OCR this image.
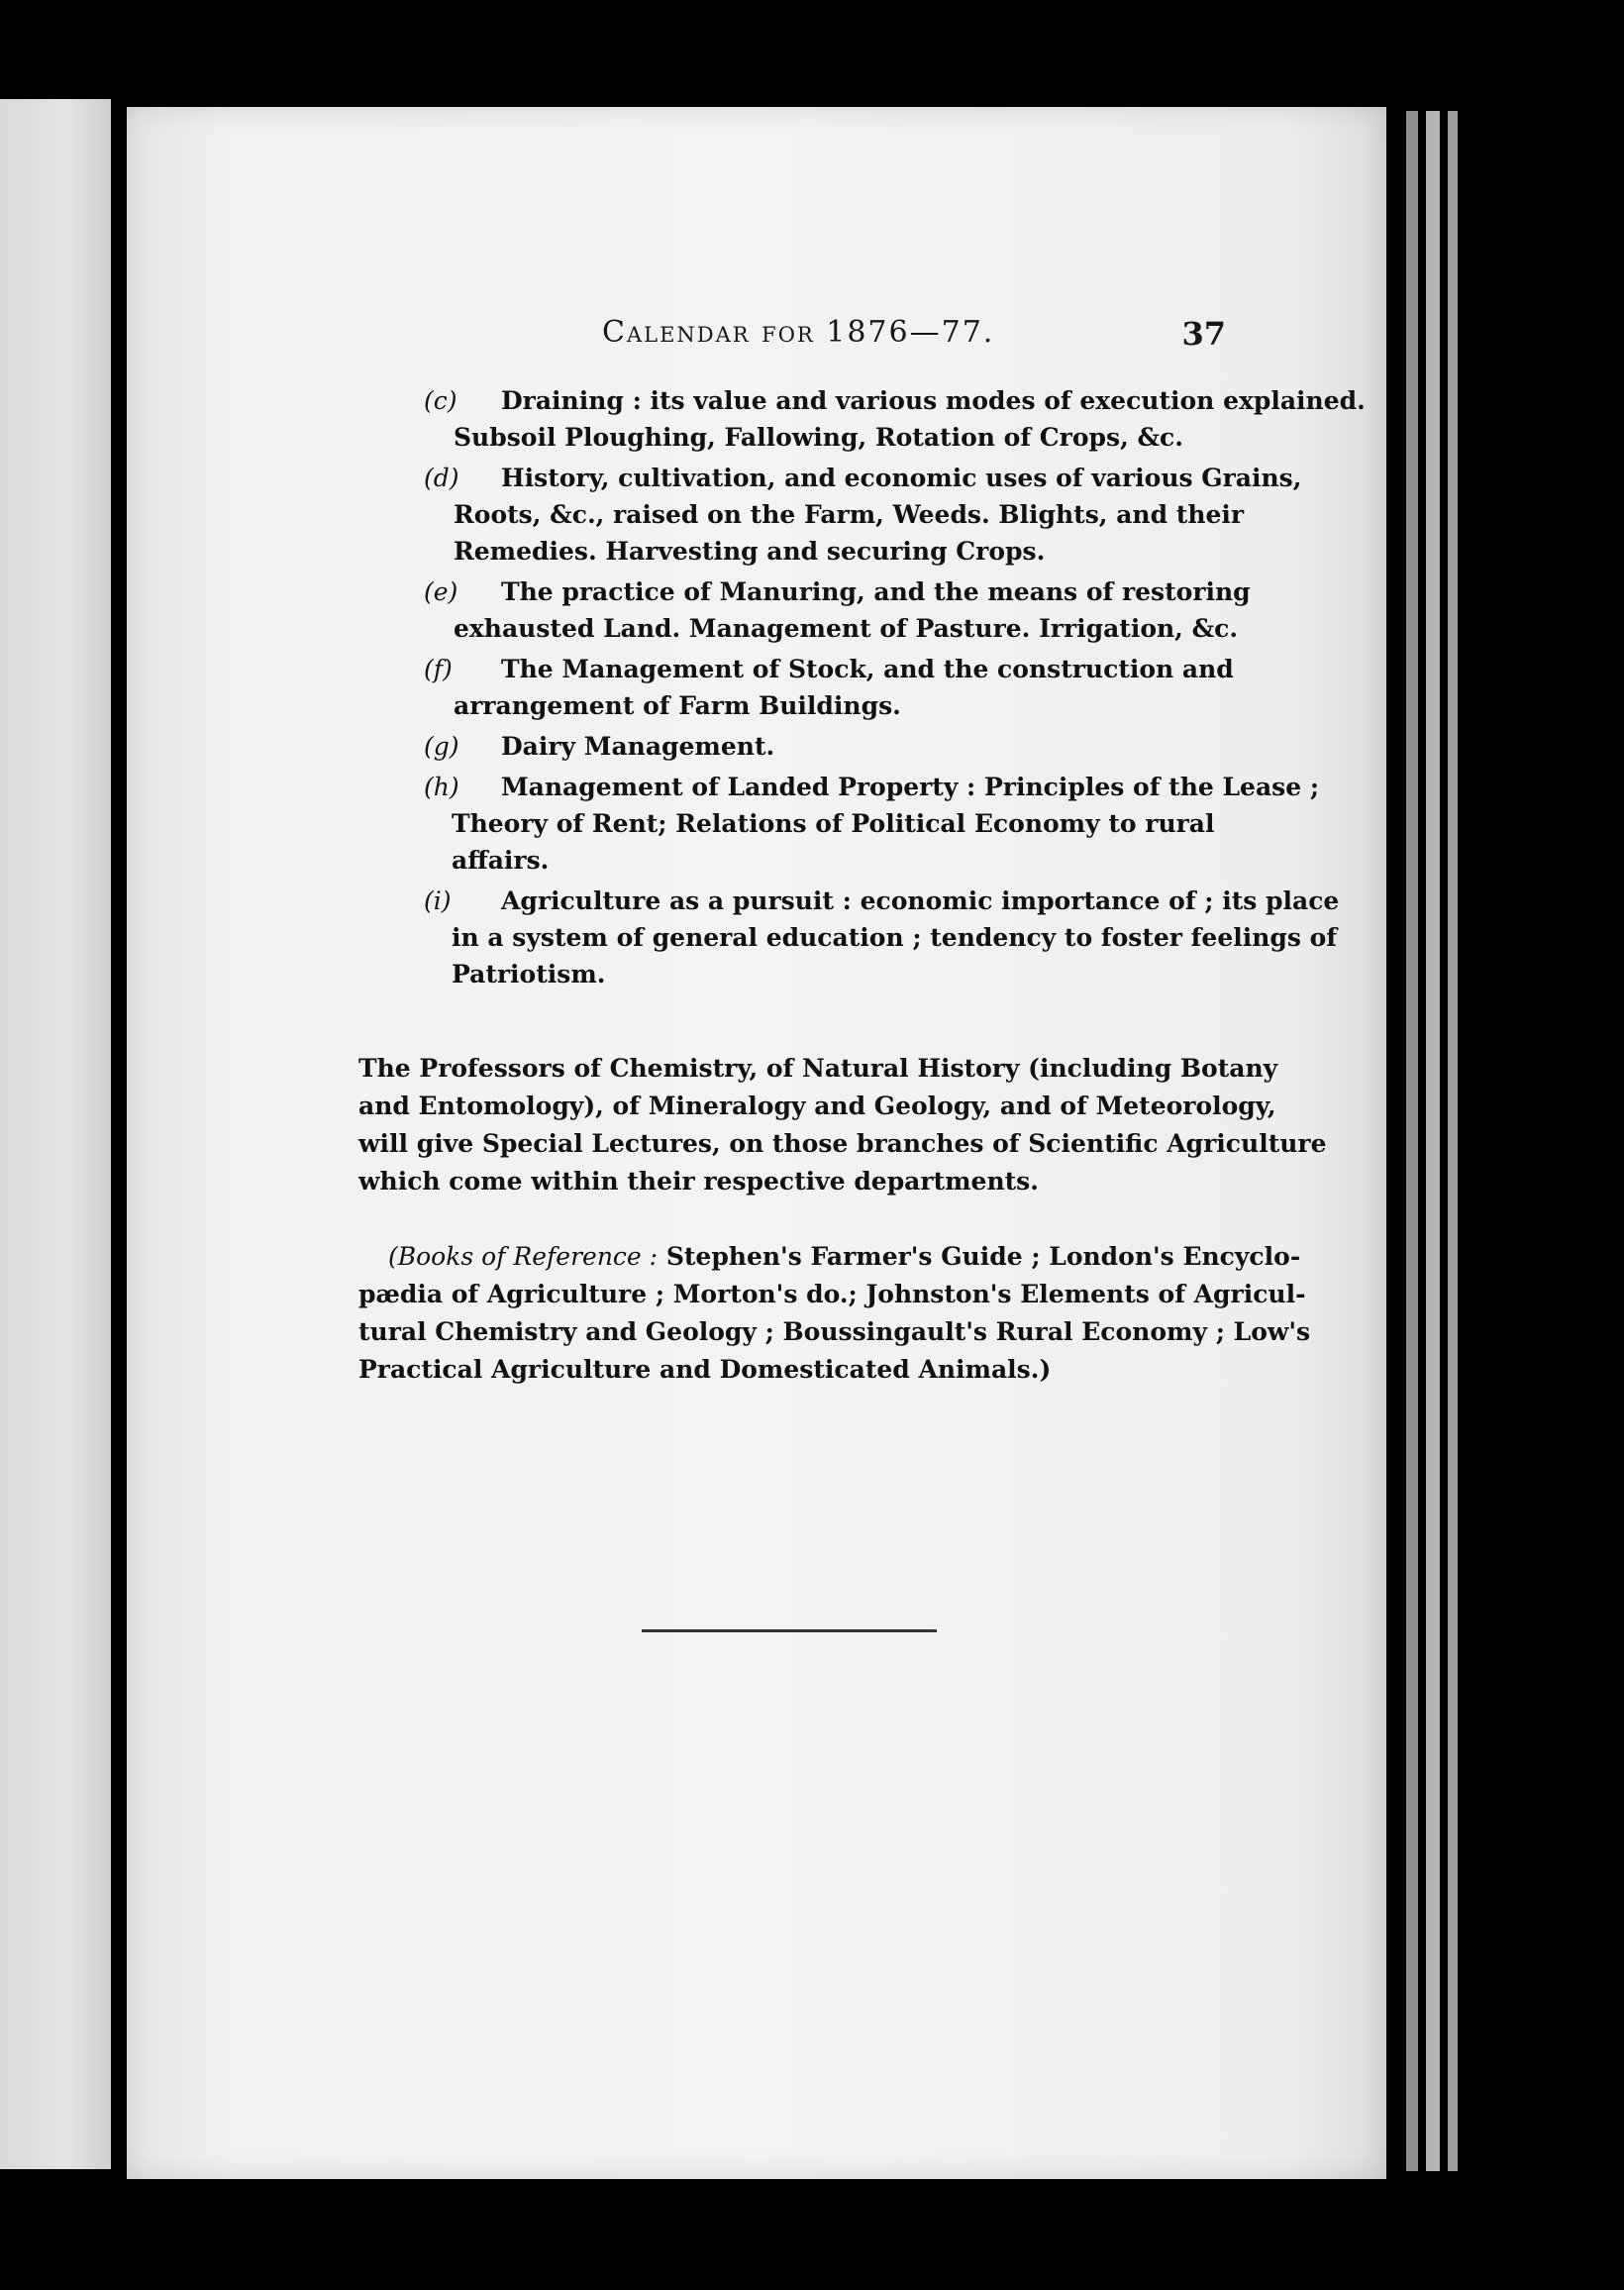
Calendar for 1876—77.	37
(c) Draining : its value and various modes of execution explained.
Subsoil Ploughing, Fallowing, Rotation of Crops, &c.
(d) History, cultivation, and economic uses of various Grains,
Roots, &c., raised on the Farm, Weeds. Blights, and their
Remedies. Harvesting and securing Crops.
(e) The practice of Manuring, and the means of restoring
exhausted Land. Management of Pasture. Irrigation, &c.
(f) The Management of Stock, and the construction and
arrangement of Farm Buildings.
(g) Dairy Management.
(h) Management of Landed Property : Principles of the Lease ;
Theory of Rent; Relations of Political Economy to rural
affairs.
(i) Agriculture as a pursuit : economic importance of ; its place
in a system of general education ; tendency to foster feelings of
Patriotism.
The Professors of Chemistry, of Natural History (including Botany
and Entomology), of Mineralogy and Geology, and of Meteorology,
will give Special Lectures, on those branches of Scientific Agriculture
which come within their respective departments.
(Books of Reference : Stephen's Farmer's Guide ; London's Encyclo-
pædia of Agriculture ; Morton's do.; Johnston's Elements of Agricul-
tural Chemistry and Geology ; Boussingault's Rural Economy ; Low's
Practical Agriculture and Domesticated Animals.)
